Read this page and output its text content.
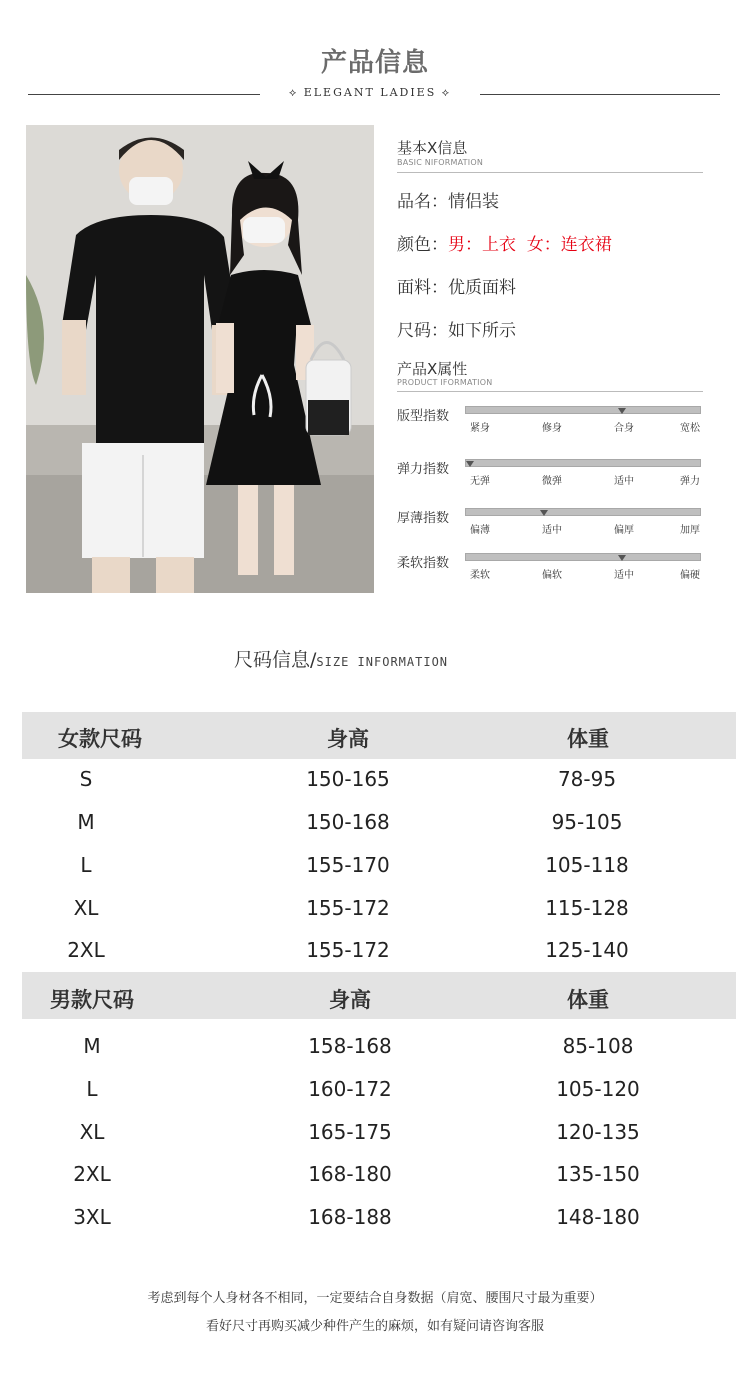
产品信息
⟡ ELEGANT LADIES ⟡
基本X信息
BASIC NIFORMATION
品名：情侣装
颜色：男：上衣  女：连衣裙
面料：优质面料
尺码：如下所示
产品X属性
PRODUCT IFORMATION
版型指数
紧身	修身	合身	宽松
弹力指数
无弹	微弹	适中	弹力
厚薄指数
偏薄	适中	偏厚	加厚
柔软指数
柔软	偏软	适中	偏硬
尺码信息/SIZE INFORMATION
女款尺码	身高	体重
S	150-165	78-95
M	150-168	95-105
L	155-170	105-118
XL	155-172	115-128
2XL	155-172	125-140
男款尺码	身高	体重
M	158-168	85-108
L	160-172	105-120
XL	165-175	120-135
2XL	168-180	135-150
3XL	168-188	148-180
考虑到每个人身材各不相同，一定要结合自身数据（肩宽、腰围尺寸最为重要）
看好尺寸再购买减少种件产生的麻烦，如有疑问请咨询客服
